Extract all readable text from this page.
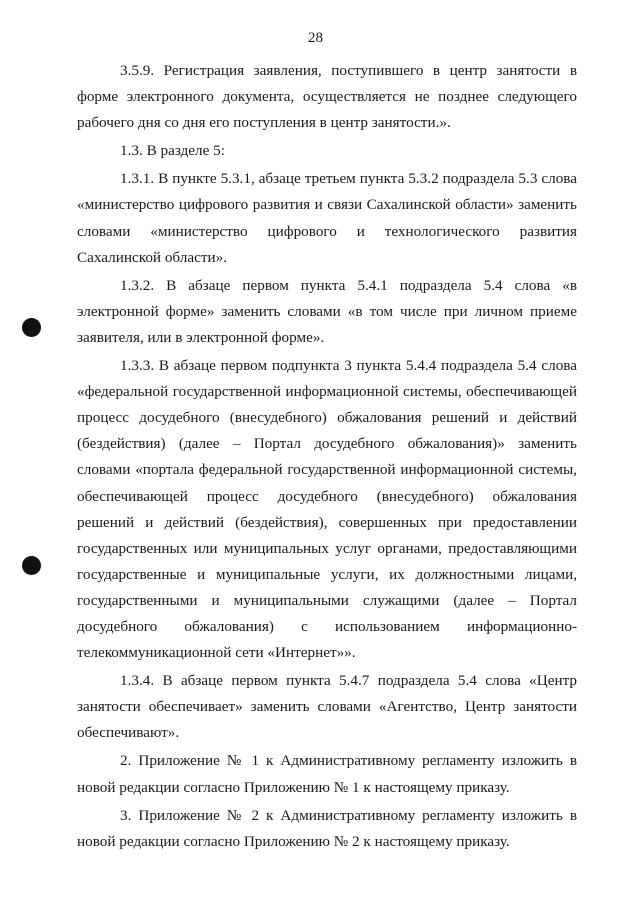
28

3.5.9. Регистрация заявления, поступившего в центр занятости в форме электронного документа, осуществляется не позднее следующего рабочего дня со дня его поступления в центр занятости.».

1.3. В разделе 5:

1.3.1. В пункте 5.3.1, абзаце третьем пункта 5.3.2 подраздела 5.3 слова «министерство цифрового развития и связи Сахалинской области» заменить словами «министерство цифрового и технологического развития Сахалинской области».

1.3.2. В абзаце первом пункта 5.4.1 подраздела 5.4 слова «в электронной форме» заменить словами «в том числе при личном приеме заявителя, или в электронной форме».

1.3.3. В абзаце первом подпункта 3 пункта 5.4.4 подраздела 5.4 слова «федеральной государственной информационной системы, обеспечивающей процесс досудебного (внесудебного) обжалования решений и действий (бездействия) (далее – Портал досудебного обжалования)» заменить словами «портала федеральной государственной информационной системы, обеспечивающей процесс досудебного (внесудебного) обжалования решений и действий (бездействия), совершенных при предоставлении государственных или муниципальных услуг органами, предоставляющими государственные и муниципальные услуги, их должностными лицами, государственными и муниципальными служащими (далее – Портал досудебного обжалования) с использованием информационно-телекоммуникационной сети «Интернет»».

1.3.4. В абзаце первом пункта 5.4.7 подраздела 5.4 слова «Центр занятости обеспечивает» заменить словами «Агентство, Центр занятости обеспечивают».

2. Приложение № 1 к Административному регламенту изложить в новой редакции согласно Приложению № 1 к настоящему приказу.

3. Приложение № 2 к Административному регламенту изложить в новой редакции согласно Приложению № 2 к настоящему приказу.
